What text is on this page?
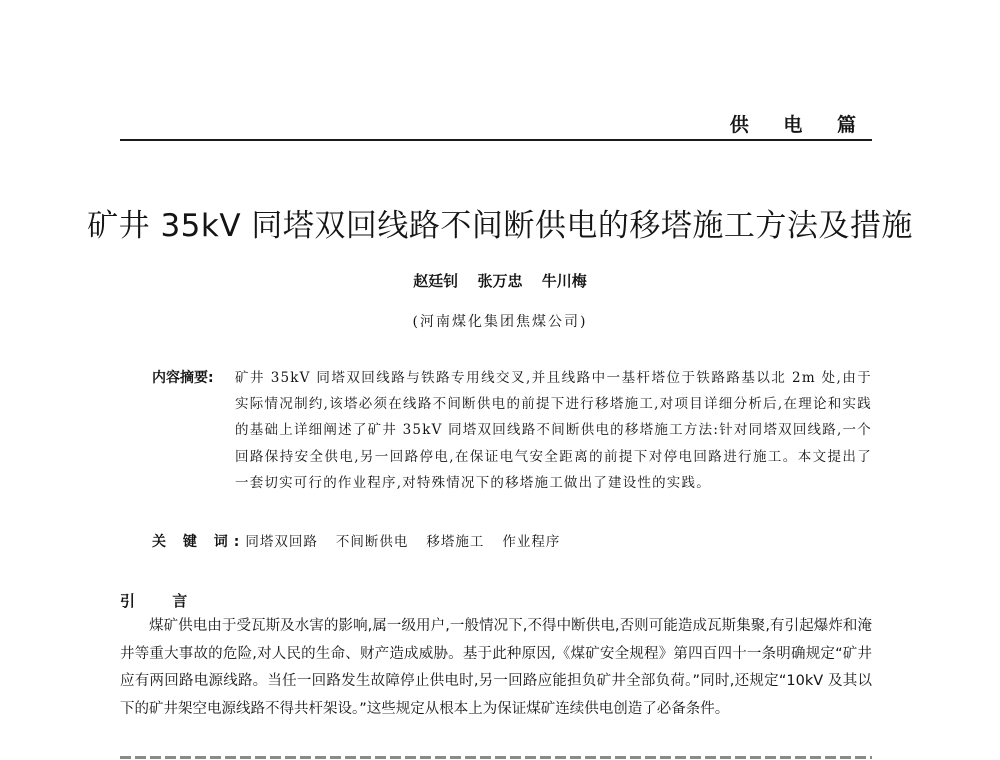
供 电 篇
矿井 35kV 同塔双回线路不间断供电的移塔施工方法及措施
赵廷钊 张万忠 牛川梅
(河南煤化集团焦煤公司)
内容摘要: 矿井 35kV 同塔双回线路与铁路专用线交叉,并且线路中一基杆塔位于铁路路基以北 2m 处,由于实际情况制约,该塔必须在线路不间断供电的前提下进行移塔施工,对项目详细分析后,在理论和实践的基础上详细阐述了矿井 35kV 同塔双回线路不间断供电的移塔施工方法:针对同塔双回线路,一个回路保持安全供电,另一回路停电,在保证电气安全距离的前提下对停电回路进行施工。本文提出了一套切实可行的作业程序,对特殊情况下的移塔施工做出了建设性的实践。
关 键 词:同塔双回路 不间断供电 移塔施工 作业程序
引 言

煤矿供电由于受瓦斯及水害的影响,属一级用户,一般情况下,不得中断供电,否则可能造成瓦斯集聚,有引起爆炸和淹井等重大事故的危险,对人民的生命、财产造成威胁。基于此种原因,《煤矿安全规程》第四百四十一条明确规定“矿井应有两回路电源线路。当任一回路发生故障停止供电时,另一回路应能担负矿井全部负荷。”同时,还规定“10kV 及其以下的矿井架空电源线路不得共杆架设。”这些规定从根本上为保证煤矿连续供电创造了必备条件。
